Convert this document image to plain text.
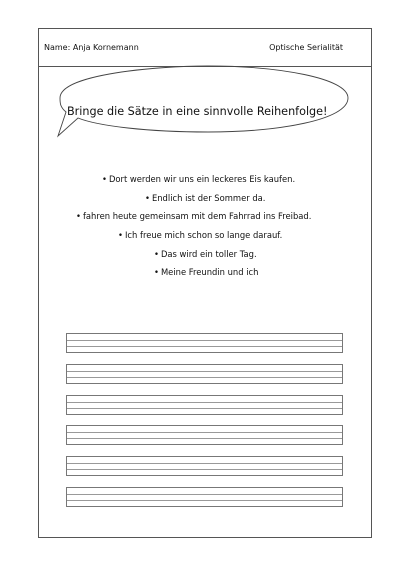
Name: Anja Kornemann	Optische Serialität
Bringe die Sätze in eine sinnvolle Reihenfolge!
• Dort werden wir uns ein leckeres Eis kaufen.
• Endlich ist der Sommer da.
• fahren heute gemeinsam mit dem Fahrrad ins Freibad.
• Ich freue mich schon so lange darauf.
• Das wird ein toller Tag.
• Meine Freundin und ich
